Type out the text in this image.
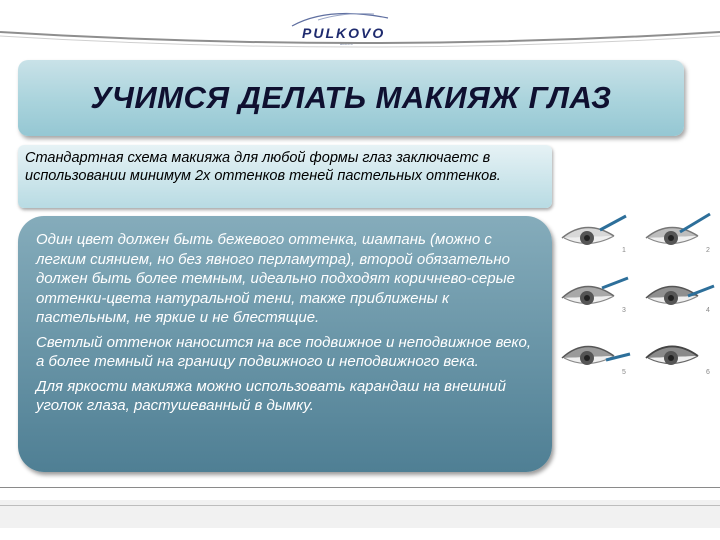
PULKOVO
airlines
УЧИМСЯ ДЕЛАТЬ МАКИЯЖ ГЛАЗ

Стандартная схема макияжа для любой формы глаз заключаетс в использовании минимум 2х оттенков теней пастельных оттенков.

Один цвет должен быть бежевого оттенка, шампань (можно с легким сиянием, но без явного перламутра), второй обязательно должен быть более темным, идеально подходят коричнево-серые оттенки-цвета натуральной тени, также приближены к пастельным, не яркие и не блестящие.

Светлый оттенок наносится на все подвижное и неподвижное веко, а более темный на границу подвижного и неподвижного века.

Для яркости макияжа можно использовать карандаш на внешний уголок глаза, растушеванный в дымку.

1	2
3	4
5	6
